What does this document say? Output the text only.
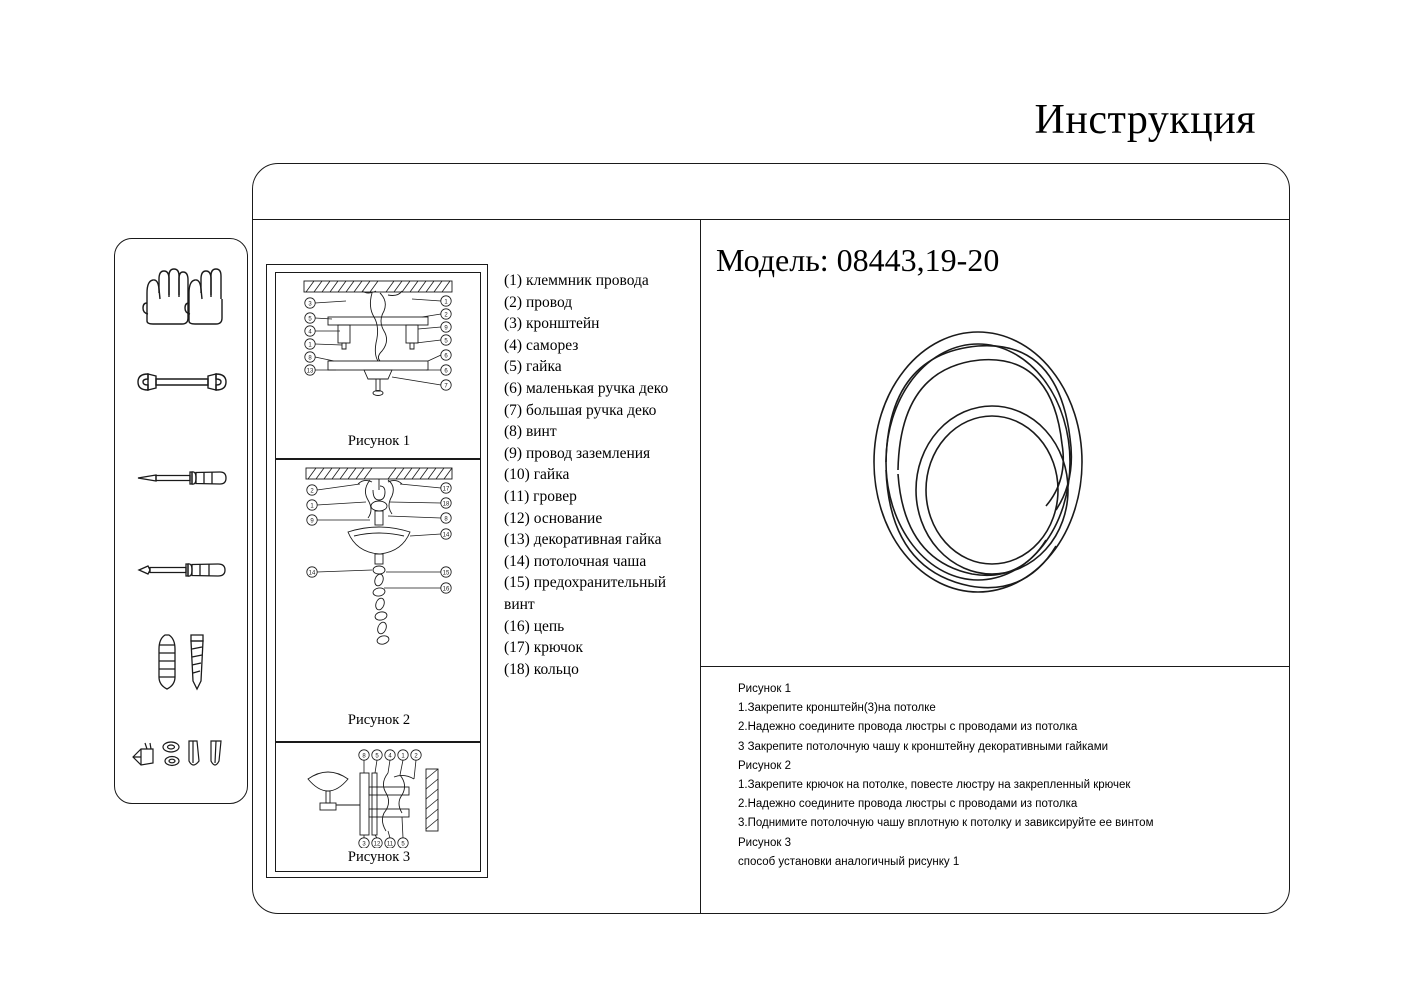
Инструкция
3
5
4
1
8
13
1
2
9
5
6
6
7
Рисунок 1
2
1
9
14
17
18
8
14
15
16
Рисунок 2
8 5 4 1 2
3 12 11 5
Рисунок 3
(1) клеммник провода
(2) провод
(3) кронштейн
(4) саморез
(5) гайка
(6) маленькая ручка деко
(7) большая ручка деко
(8) винт
(9) провод заземления
(10) гайка
(11) гровер
(12) основание
(13) декоративная гайка
(14) потолочная чаша
(15) предохранительный винт
(16) цепь
(17) крючок
(18) кольцо
Модель: 08443,19-20
Рисунок 1
1.Закрепите кронштейн(3)на потолке
2.Надежно соедините провода люстры с проводами из потолка
3 Закрепите потолочную чашу к кронштейну декоративными гайками
Рисунок 2
1.Закрепите крючок на потолке, повесте люстру на закрепленный крючек
2.Надежно соедините провода люстры с проводами из потолка
3.Поднимите потолочную чашу вплотную к потолку и завиксируйте ее винтом
Рисунок 3
способ установки аналогичный рисунку 1
